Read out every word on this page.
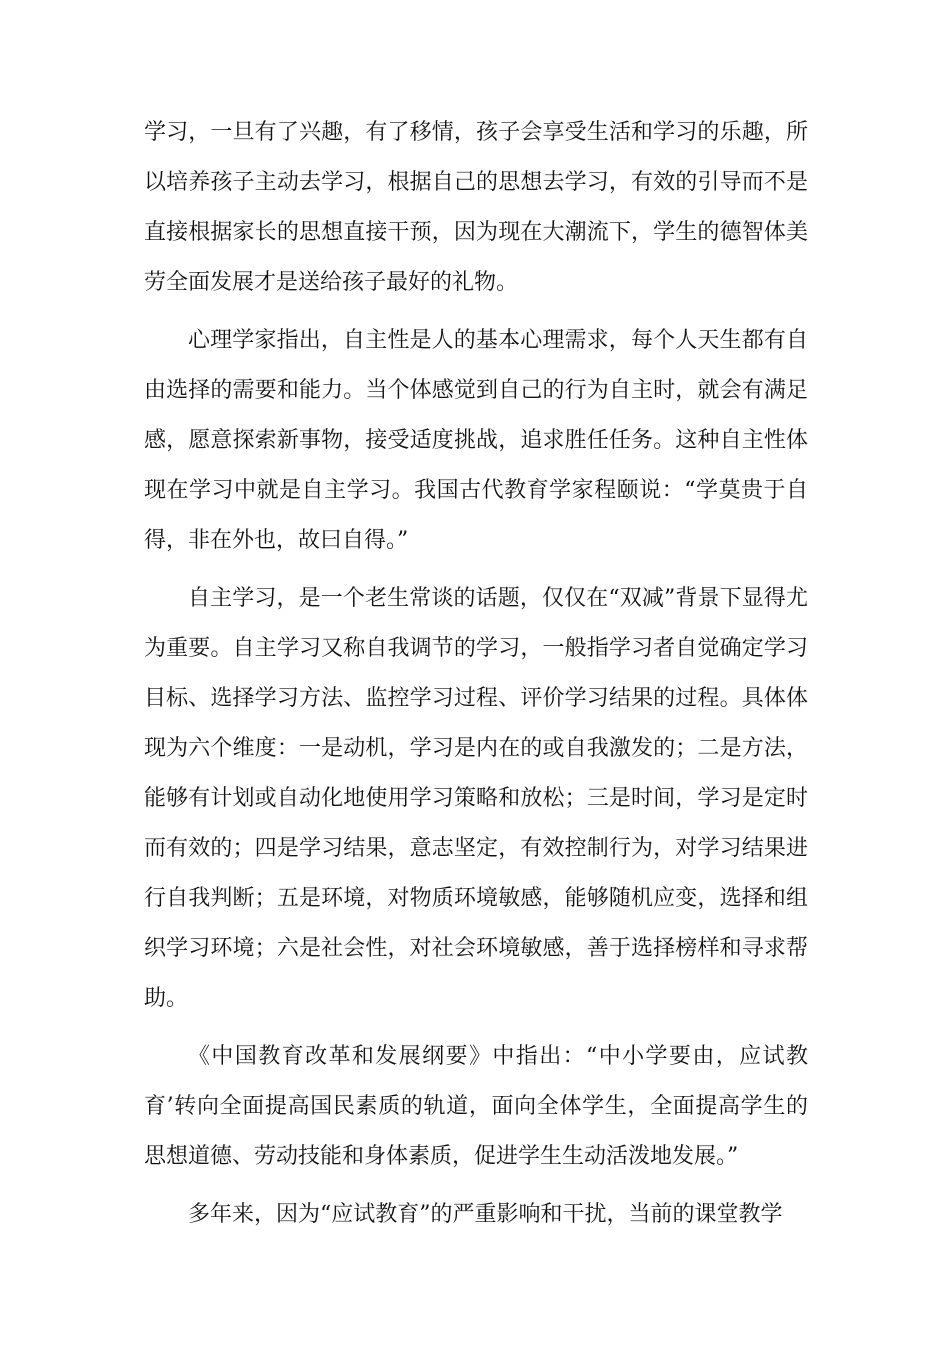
学习，一旦有了兴趣，有了移情，孩子会享受生活和学习的乐趣，所以培养孩子主动去学习，根据自己的思想去学习，有效的引导而不是直接根据家长的思想直接干预，因为现在大潮流下，学生的德智体美劳全面发展才是送给孩子最好的礼物。

心理学家指出，自主性是人的基本心理需求，每个人天生都有自由选择的需要和能力。当个体感觉到自己的行为自主时，就会有满足感，愿意探索新事物，接受适度挑战，追求胜任任务。这种自主性体现在学习中就是自主学习。我国古代教育学家程颐说：“学莫贵于自得，非在外也，故曰自得。”

自主学习，是一个老生常谈的话题，仅仅在“双减”背景下显得尤为重要。自主学习又称自我调节的学习，一般指学习者自觉确定学习目标、选择学习方法、监控学习过程、评价学习结果的过程。具体体现为六个维度：一是动机，学习是内在的或自我激发的；二是方法，能够有计划或自动化地使用学习策略和放松；三是时间，学习是定时而有效的；四是学习结果，意志坚定，有效控制行为，对学习结果进行自我判断；五是环境，对物质环境敏感，能够随机应变，选择和组织学习环境；六是社会性，对社会环境敏感，善于选择榜样和寻求帮助。

《中国教育改革和发展纲要》中指出：“中小学要由，应试教育’转向全面提高国民素质的轨道，面向全体学生，全面提高学生的思想道德、劳动技能和身体素质，促进学生生动活泼地发展。”

多年来，因为“应试教育”的严重影响和干扰，当前的课堂教学
